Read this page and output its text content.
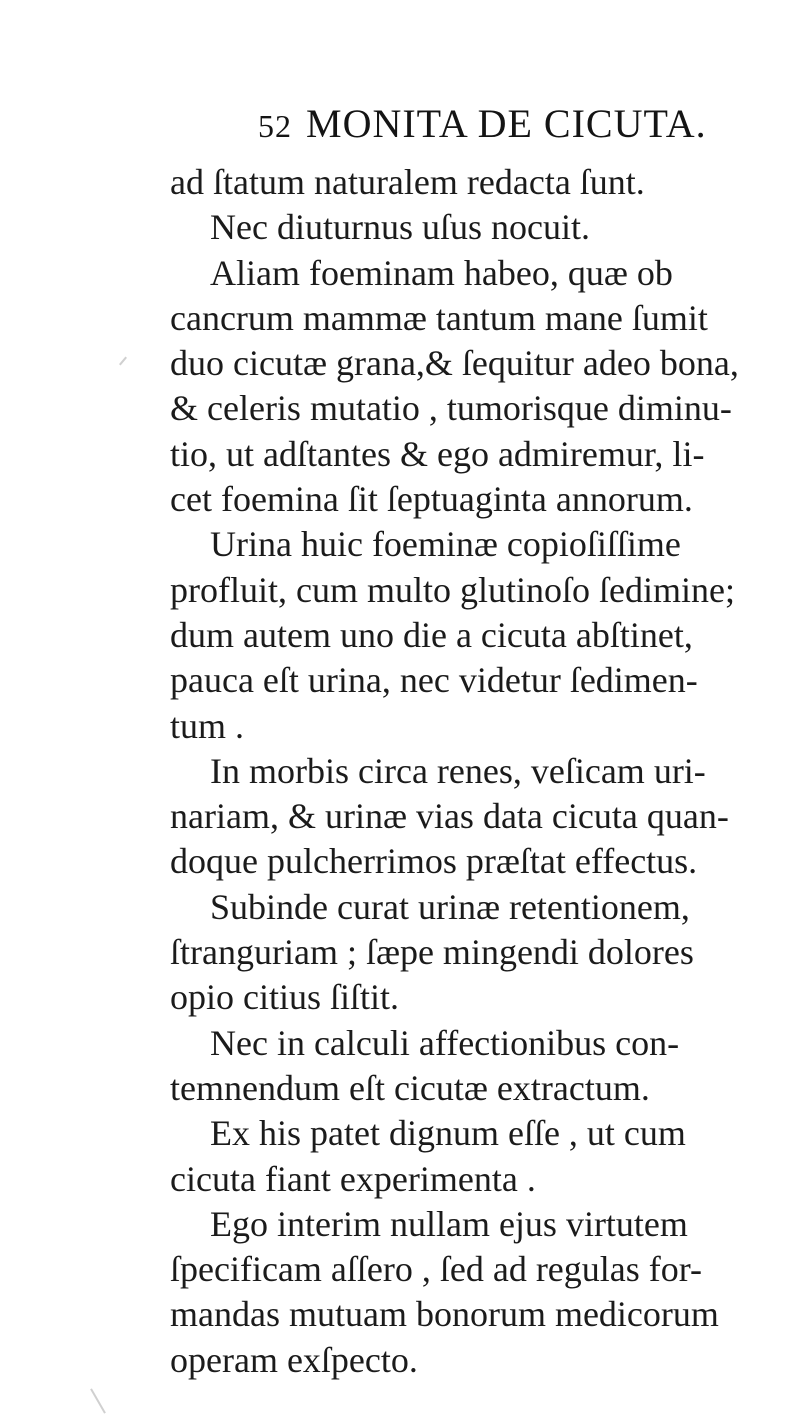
52 MONITA DE CICUTA.
ad ſtatum naturalem redacta ſunt.
Nec diuturnus uſus nocuit.
Aliam foeminam habeo, quæ ob
cancrum mammæ tantum mane ſumit
duo cicutæ grana,& ſequitur adeo bona,
& celeris mutatio , tumorisque diminu-
tio, ut adſtantes & ego admiremur, li-
cet foemina ſit ſeptuaginta annorum.
Urina huic foeminæ copioſiſſime
profluit, cum multo glutinoſo ſedimine;
dum autem uno die a cicuta abſtinet,
pauca eſt urina, nec videtur ſedimen-
tum .
In morbis circa renes, veſicam uri-
nariam, & urinæ vias data cicuta quan-
doque pulcherrimos præſtat effectus.
Subinde curat urinæ retentionem,
ſtranguriam ; ſæpe mingendi dolores
opio citius ſiſtit.
Nec in calculi affectionibus con-
temnendum eſt cicutæ extractum.
Ex his patet dignum eſſe , ut cum
cicuta fiant experimenta .
Ego interim nullam ejus virtutem
ſpecificam aſſero , ſed ad regulas for-
mandas mutuam bonorum medicorum
operam exſpecto.
